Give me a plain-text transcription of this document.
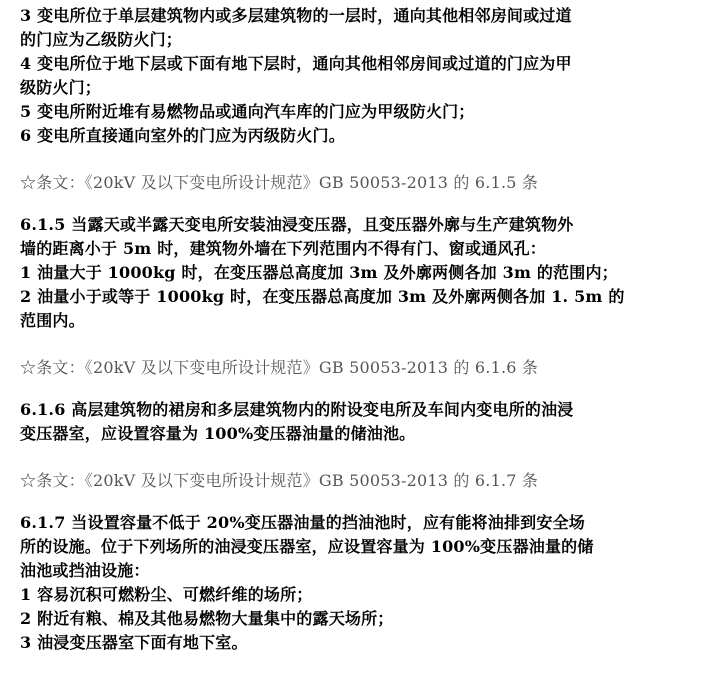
3 变电所位于单层建筑物内或多层建筑物的一层时，通向其他相邻房间或过道

的门应为乙级防火门；

4 变电所位于地下层或下面有地下层时，通向其他相邻房间或过道的门应为甲

级防火门；

5 变电所附近堆有易燃物品或通向汽车库的门应为甲级防火门；

6 变电所直接通向室外的门应为丙级防火门。

☆条文：《20kV 及以下变电所设计规范》GB 50053-2013 的 6.1.5 条

6.1.5 当露天或半露天变电所安装油浸变压器，且变压器外廓与生产建筑物外

墙的距离小于 5m 时，建筑物外墙在下列范围内不得有门、窗或通风孔：

1 油量大于 1000kg 时，在变压器总高度加 3m 及外廓两侧各加 3m 的范围内；

2 油量小于或等于 1000kg 时，在变压器总高度加 3m 及外廓两侧各加 1. 5m 的

范围内。

☆条文：《20kV 及以下变电所设计规范》GB 50053-2013 的 6.1.6 条

6.1.6 高层建筑物的裙房和多层建筑物内的附设变电所及车间内变电所的油浸

变压器室，应设置容量为 100%变压器油量的储油池。

☆条文：《20kV 及以下变电所设计规范》GB 50053-2013 的 6.1.7 条

6.1.7 当设置容量不低于 20%变压器油量的挡油池时，应有能将油排到安全场

所的设施。位于下列场所的油浸变压器室，应设置容量为 100%变压器油量的储

油池或挡油设施：

1 容易沉积可燃粉尘、可燃纤维的场所；

2 附近有粮、棉及其他易燃物大量集中的露天场所；

3 油浸变压器室下面有地下室。
